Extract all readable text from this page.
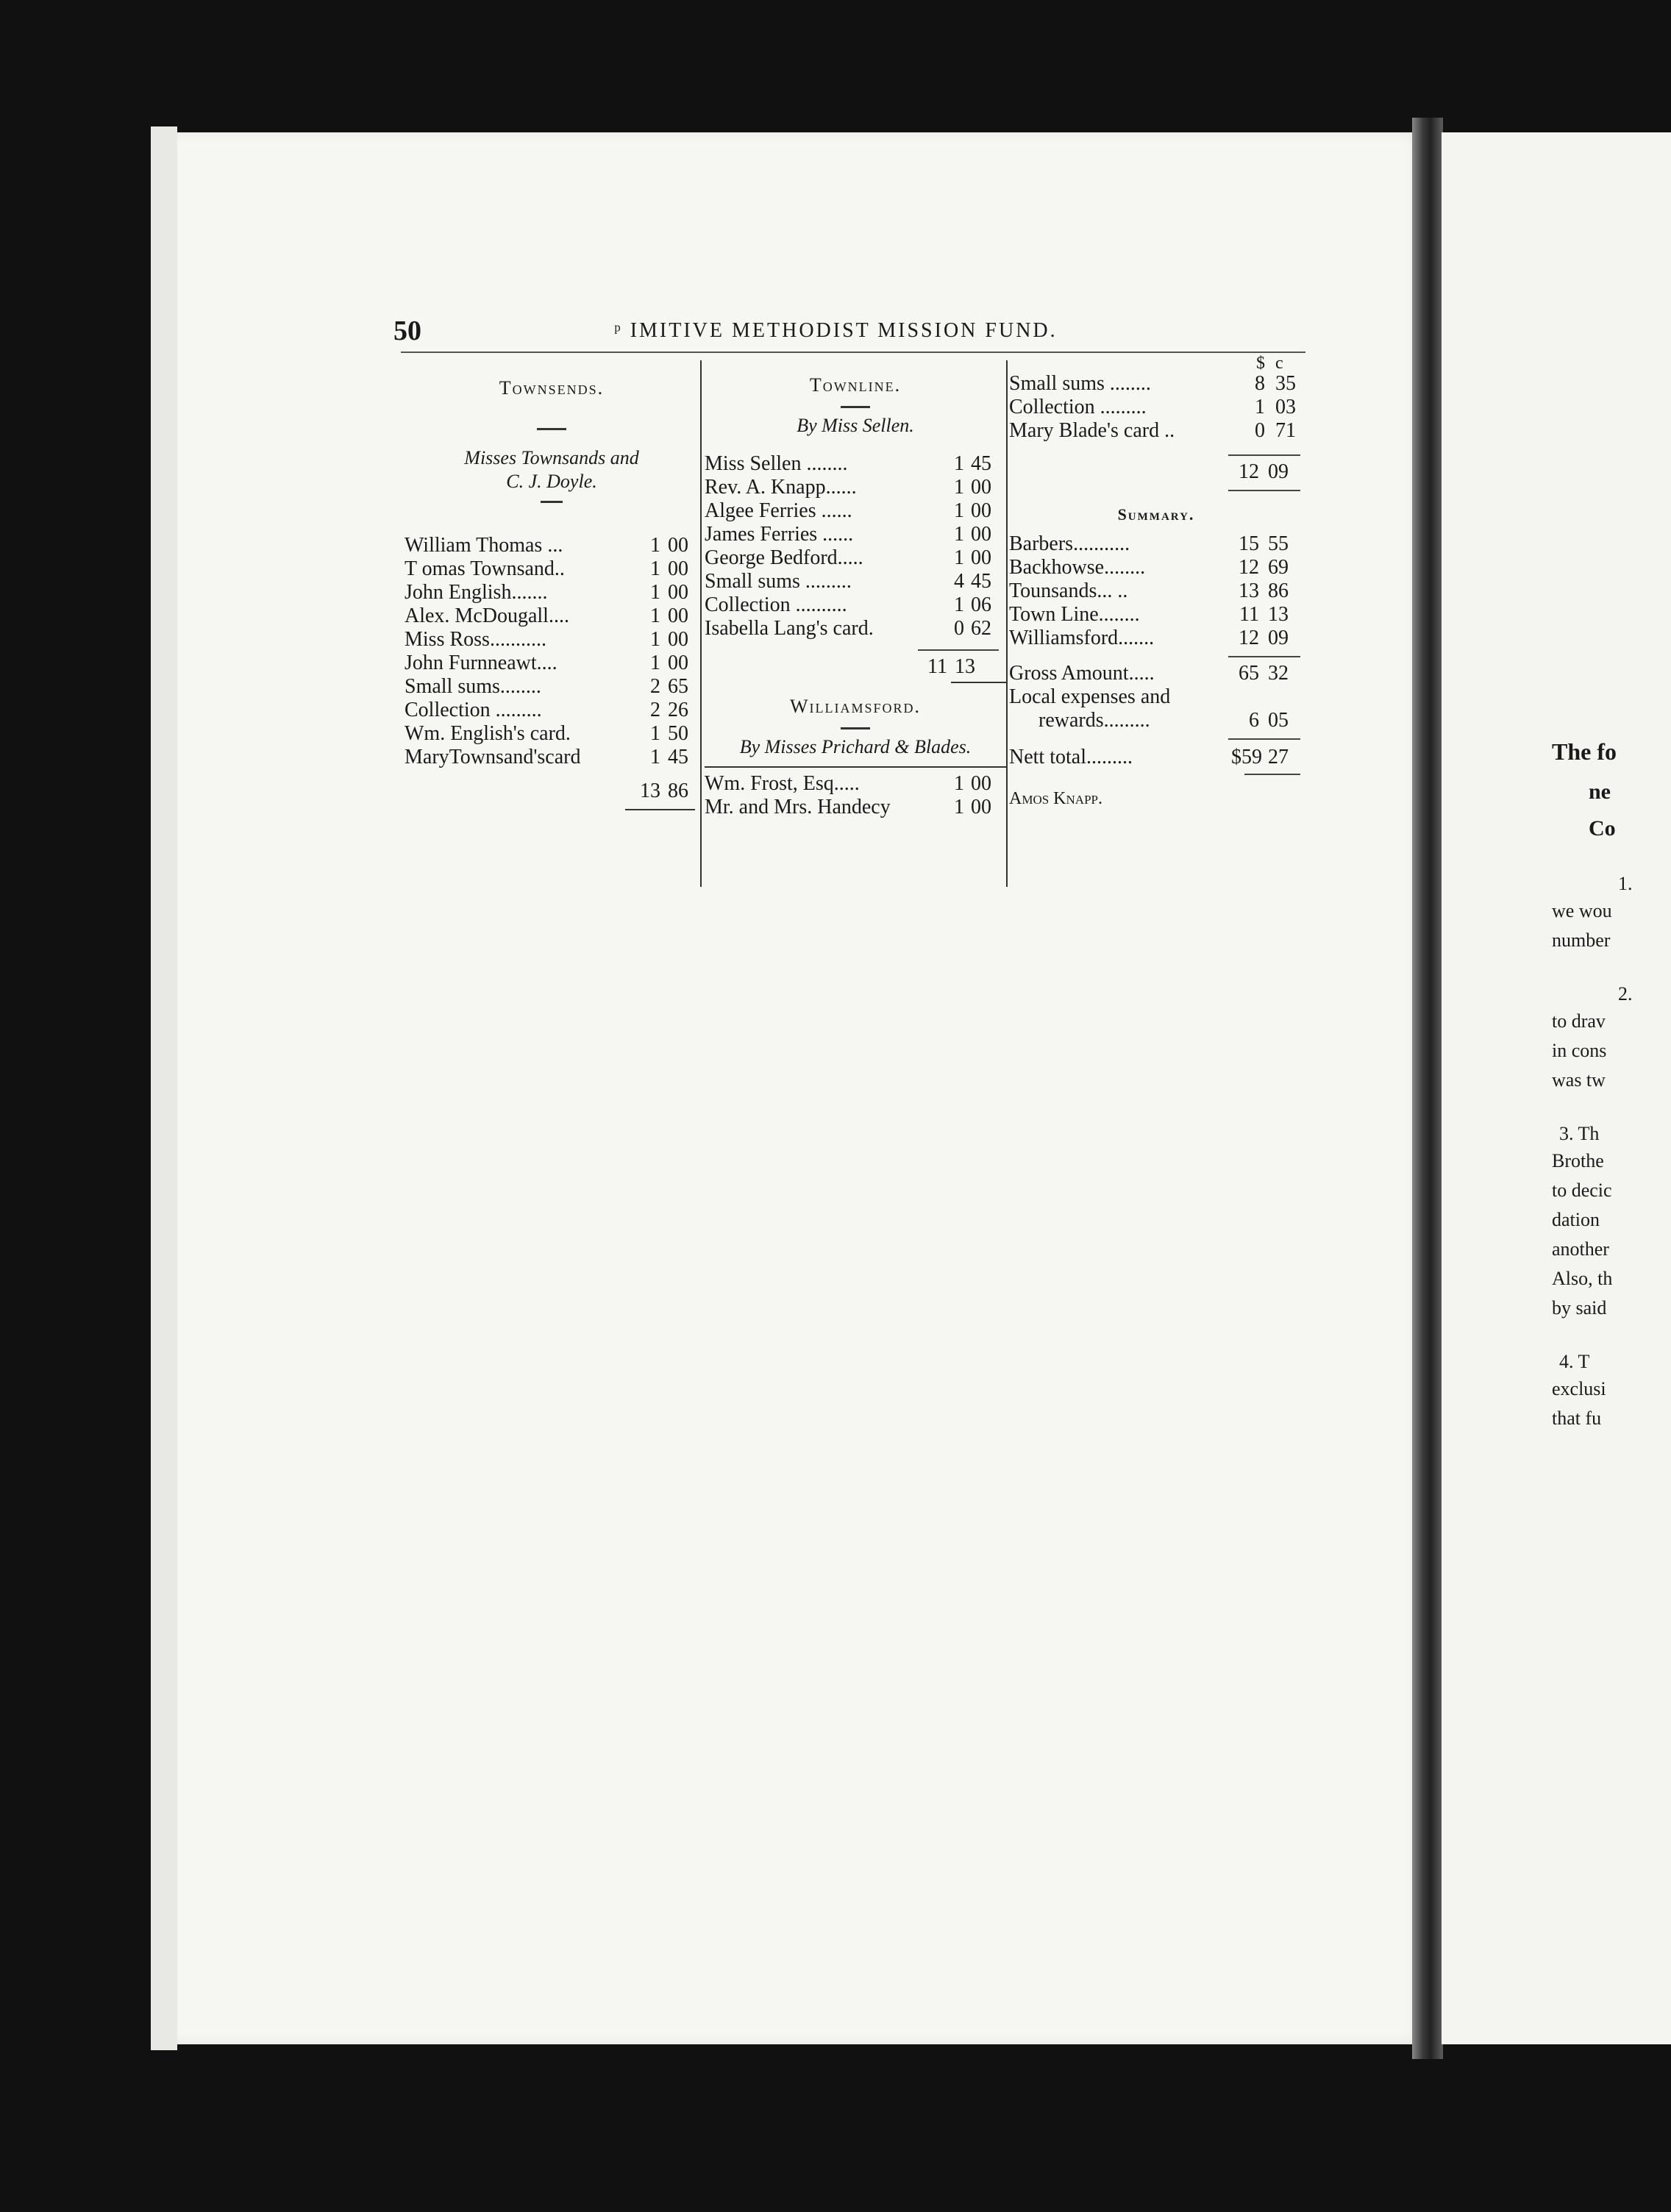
50	ᵖ IMITIVE METHODIST MISSION FUND.
Townsends.
Misses Townsands and
C. J. Doyle.
William Thomas ...	1 00
T omas Townsand..	1 00
John English.......	1 00
Alex. McDougall....	1 00
Miss Ross...........	1 00
John Furnneawt....	1 00
Small sums........	2 65
Collection .........	2 26
Wm. English's card.	1 50
MaryTownsand'scard	1 45
13 86
Townline.
By Miss Sellen.
Miss Sellen ........	1 45
Rev. A. Knapp......	1 00
Algee Ferries ......	1 00
James Ferries ......	1 00
George Bedford.....	1 00
Small sums .........	4 45
Collection ..........	1 06
Isabella Lang's card.	0 62
11 13
Williamsford.
By Misses Prichard & Blades.
Wm. Frost, Esq.....	1 00
Mr. and Mrs. Handecy	1 00
$ c
Small sums ........	8 35
Collection .........	1 03
Mary Blade's card ..	0 71
12 09
Summary.
Barbers...........	15 55
Backhowse........	12 69
Tounsands... ..	13 86
Town Line........	11 13
Williamsford.......	12 09
Gross Amount.....	65 32
Local expenses and
rewards.........	6 05
Nett total.........	$59 27
Amos Knapp.
The fo
ne
Co
1.
we wou
number
2.
to drav
in cons
was tw
3. Th
Brothe
to decic
dation
another
Also, th
by said
4. T
exclusi
that fu
